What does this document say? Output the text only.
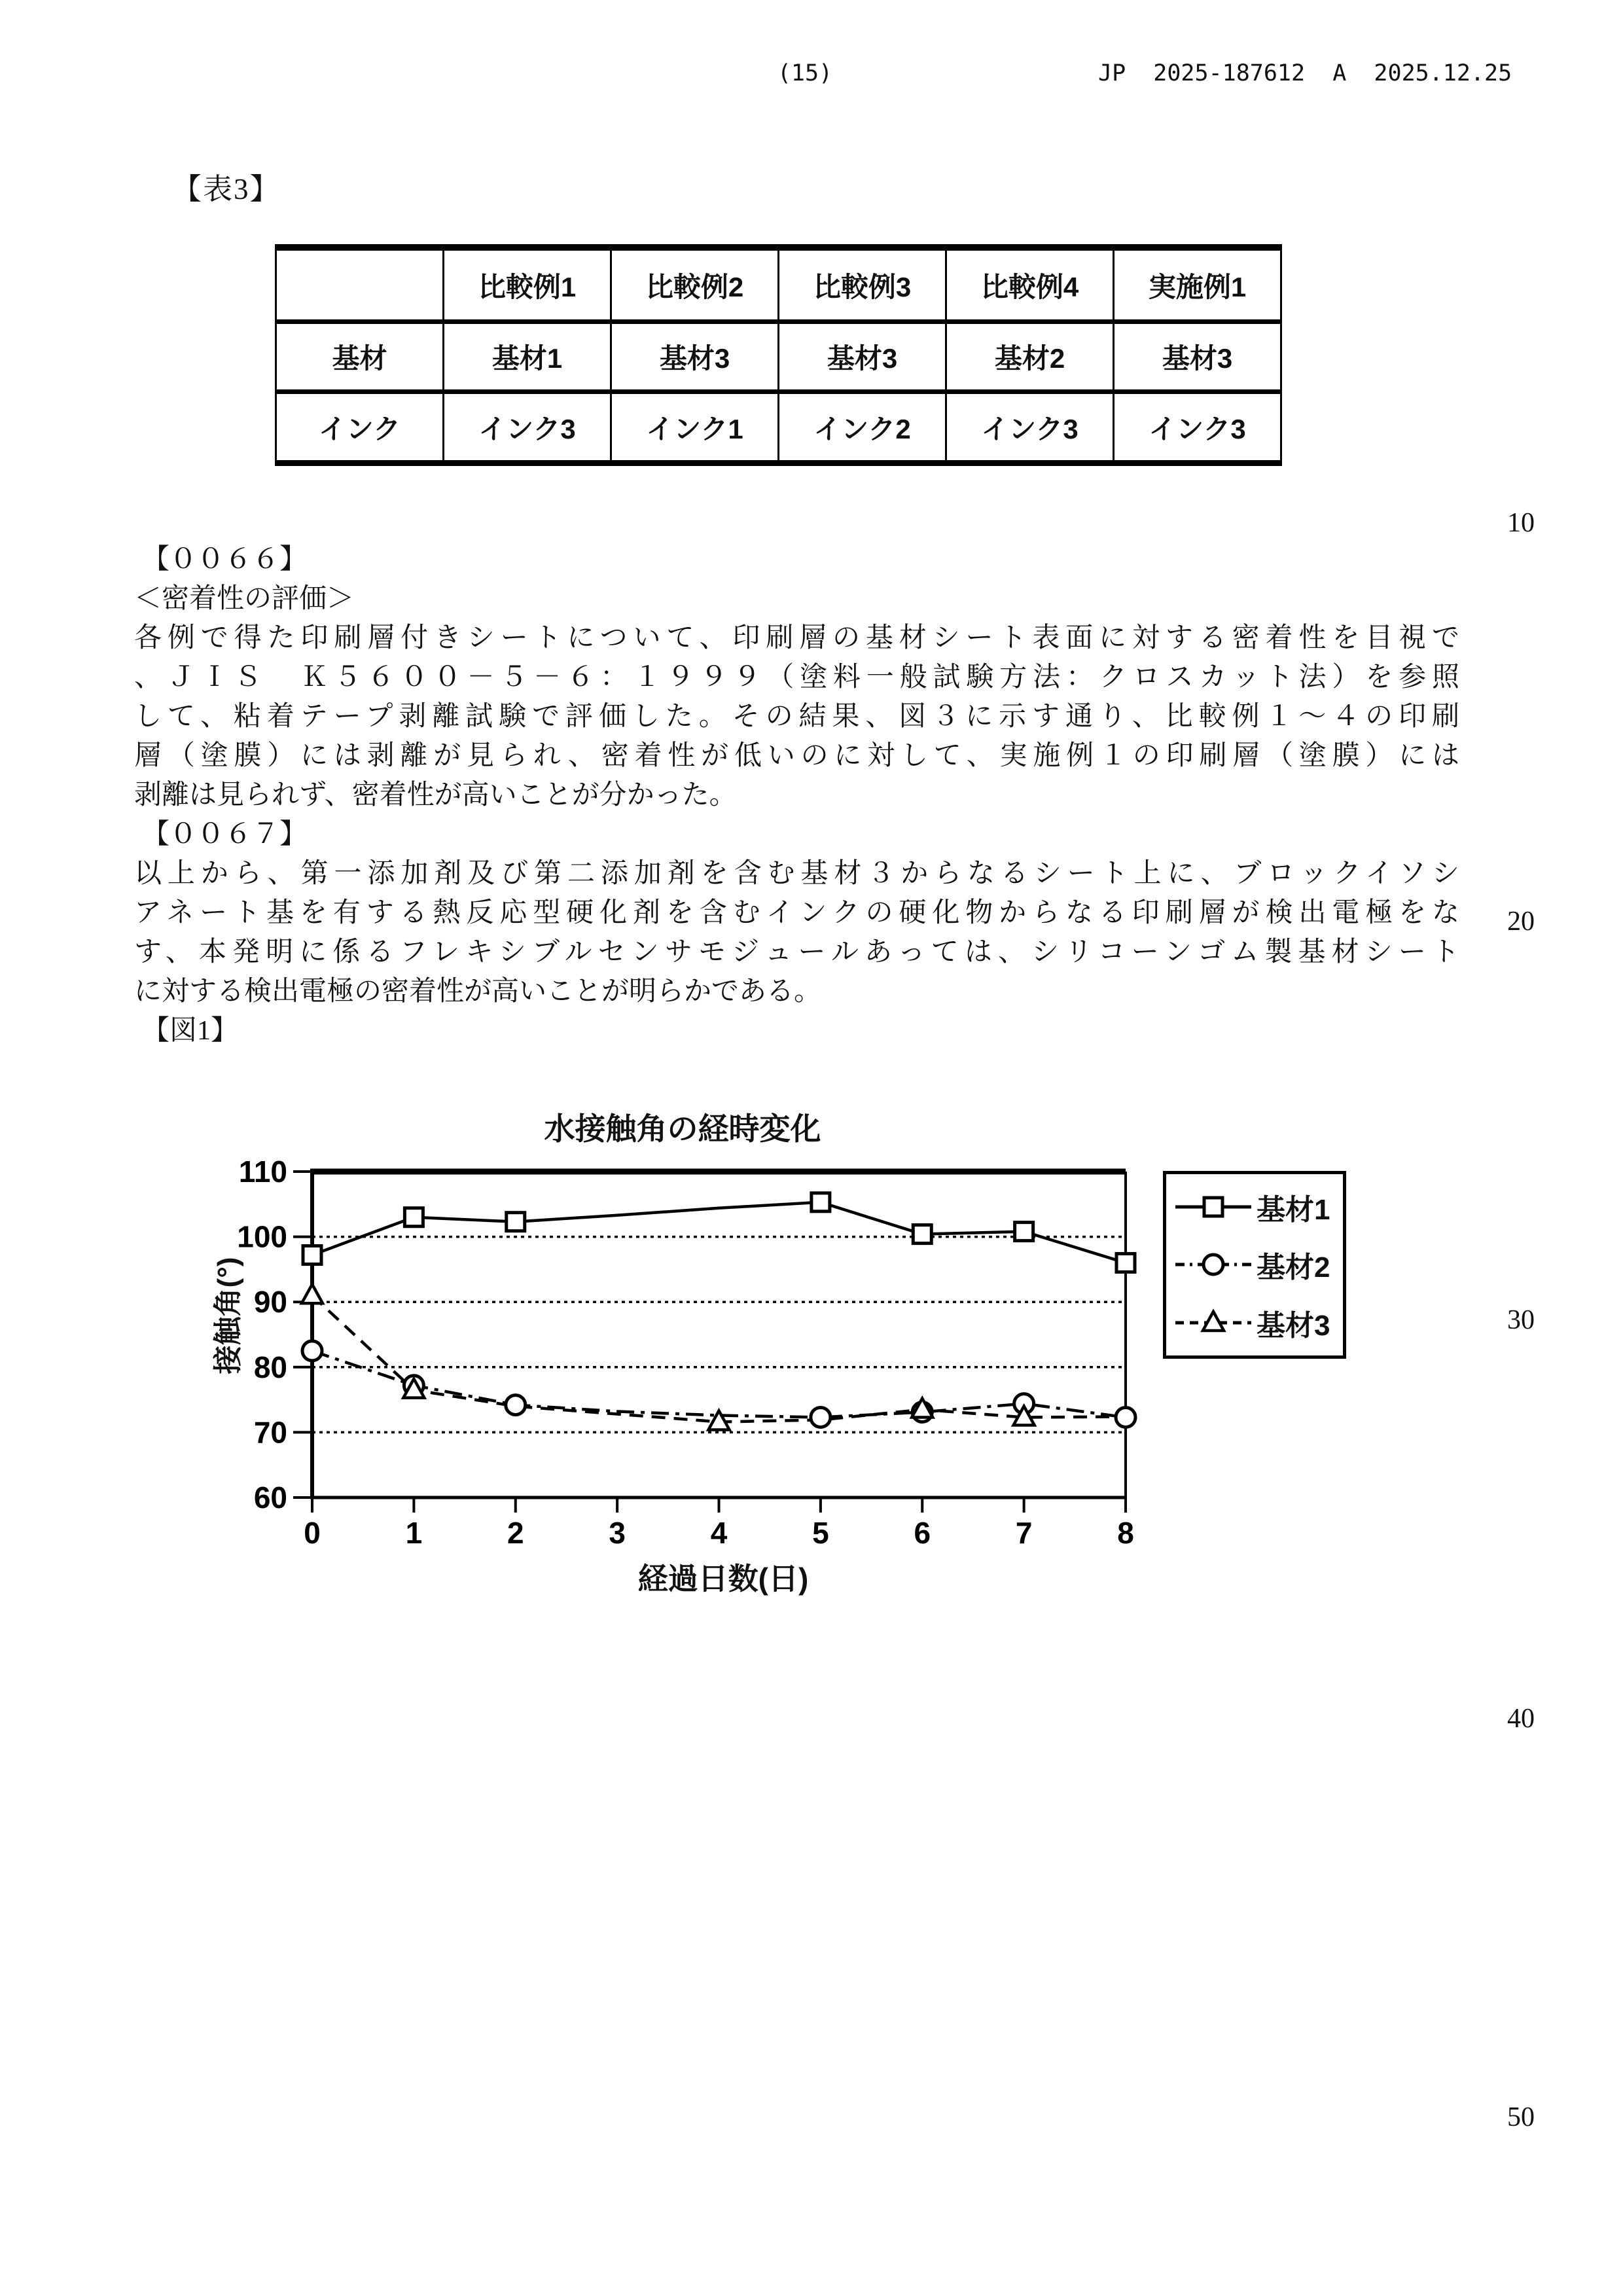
(15)	JP  2025-187612  A  2025.12.25
10
20
30
40
50
【表3】
	比較例1	比較例2	比較例3	比較例4	実施例1
基材	基材1	基材3	基材3	基材2	基材3
インク	インク3	インク1	インク2	インク3	インク3
【００６６】
＜密着性の評価＞
各例で得た印刷層付きシートについて、印刷層の基材シート表面に対する密着性を目視で
、ＪＩＳ　Ｋ５６００－５－６：１９９９（塗料一般試験方法：クロスカット法）を参照
して、粘着テープ剥離試験で評価した。その結果、図３に示す通り、比較例１～４の印刷
層（塗膜）には剥離が見られ、密着性が低いのに対して、実施例１の印刷層（塗膜）には
剥離は見られず、密着性が高いことが分かった。
【００６７】
以上から、第一添加剤及び第二添加剤を含む基材３からなるシート上に、ブロックイソシ
アネート基を有する熱反応型硬化剤を含むインクの硬化物からなる印刷層が検出電極をな
す、本発明に係るフレキシブルセンサモジュールあっては、シリコーンゴム製基材シート
に対する検出電極の密着性が高いことが明らかである。
【図1】
水接触角の経時変化
60
70
80
90
100
110
0	1	2	3	4	5	6	7	8
接触角(°)
経過日数(日)
基材1
基材2
基材3
